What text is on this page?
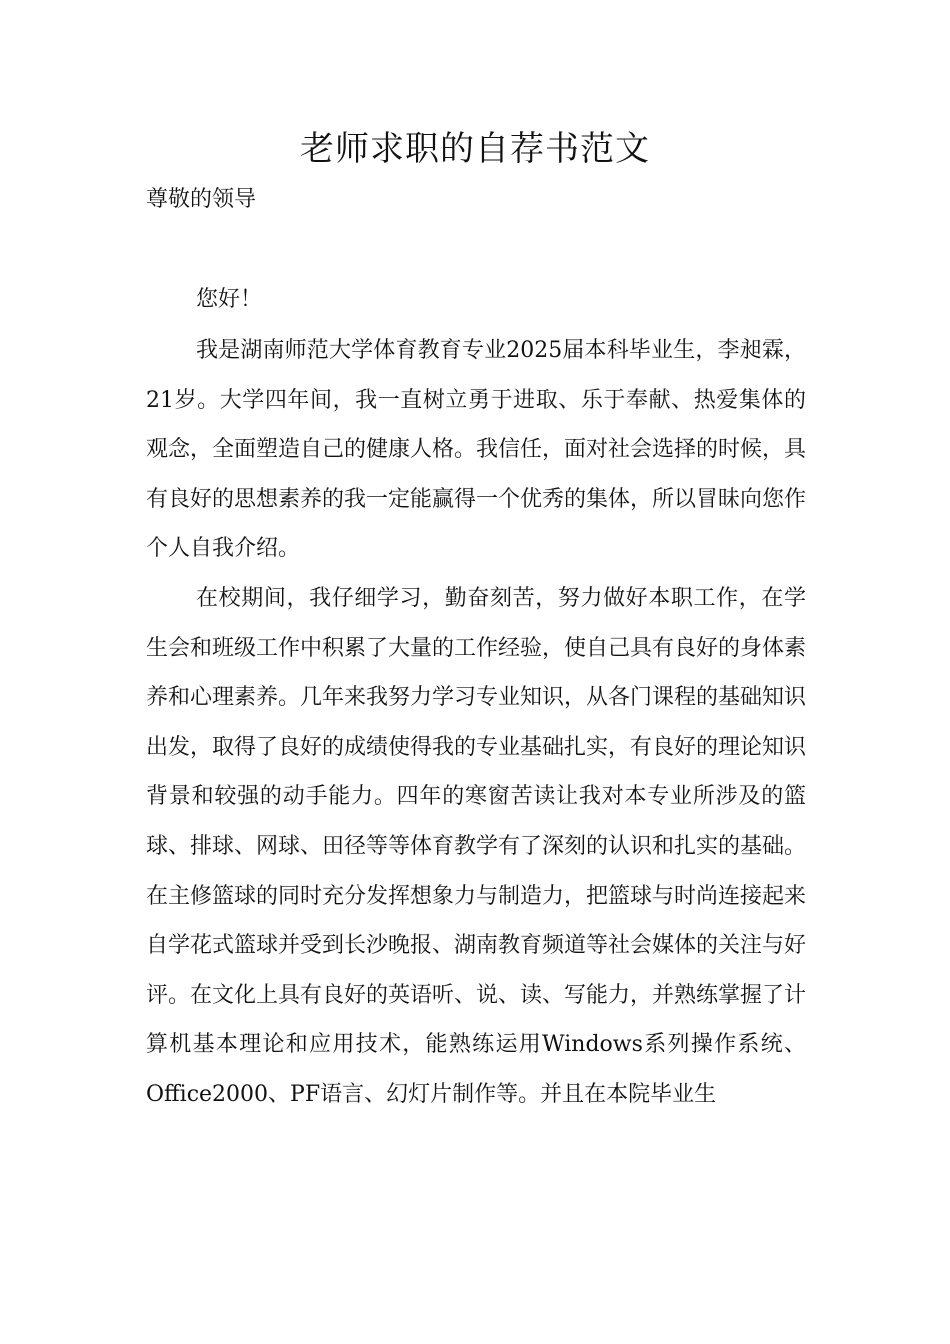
老师求职的自荐书范文

尊敬的领导

您好！

我是湖南师范大学体育教育专业2025届本科毕业生，李昶霖，21岁。大学四年间，我一直树立勇于进取、乐于奉献、热爱集体的观念，全面塑造自己的健康人格。我信任，面对社会选择的时候，具有良好的思想素养的我一定能赢得一个优秀的集体，所以冒昧向您作个人自我介绍。

在校期间，我仔细学习，勤奋刻苦，努力做好本职工作，在学生会和班级工作中积累了大量的工作经验，使自己具有良好的身体素养和心理素养。几年来我努力学习专业知识，从各门课程的基础知识出发，取得了良好的成绩使得我的专业基础扎实，有良好的理论知识背景和较强的动手能力。四年的寒窗苦读让我对本专业所涉及的篮球、排球、网球、田径等等体育教学有了深刻的认识和扎实的基础。在主修篮球的同时充分发挥想象力与制造力，把篮球与时尚连接起来自学花式篮球并受到长沙晚报、湖南教育频道等社会媒体的关注与好评。在文化上具有良好的英语听、说、读、写能力，并熟练掌握了计算机基本理论和应用技术，能熟练运用Windows系列操作系统、Office2000、PF语言、幻灯片制作等。并且在本院毕业生
